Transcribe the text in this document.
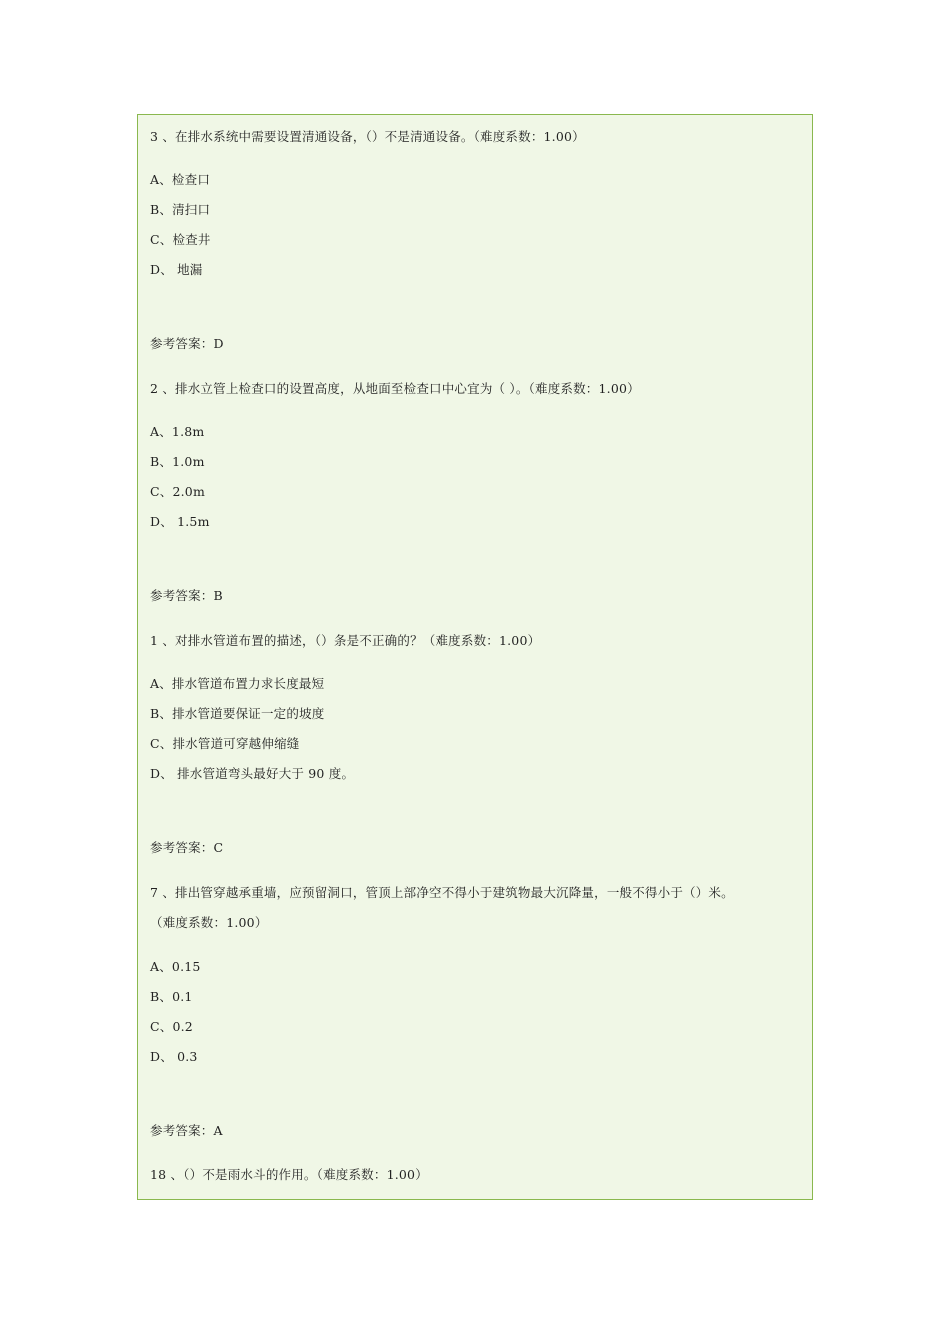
3 、在排水系统中需要设置清通设备，（）不是清通设备。（难度系数：1.00）
A、检查口
B、清扫口
C、检查井
D、 地漏
参考答案：D
2 、排水立管上检查口的设置高度，从地面至检查口中心宜为（ ）。（难度系数：1.00）
A、1.8m
B、1.0m
C、2.0m
D、 1.5m
参考答案：B
1 、对排水管道布置的描述，（）条是不正确的？（难度系数：1.00）
A、排水管道布置力求长度最短
B、排水管道要保证一定的坡度
C、排水管道可穿越伸缩缝
D、 排水管道弯头最好大于 90 度。
参考答案：C
7 、排出管穿越承重墙，应预留洞口，管顶上部净空不得小于建筑物最大沉降量，一般不得小于（）米。
（难度系数：1.00）
A、0.15
B、0.1
C、0.2
D、 0.3
参考答案：A
18 、（）不是雨水斗的作用。（难度系数：1.00）
